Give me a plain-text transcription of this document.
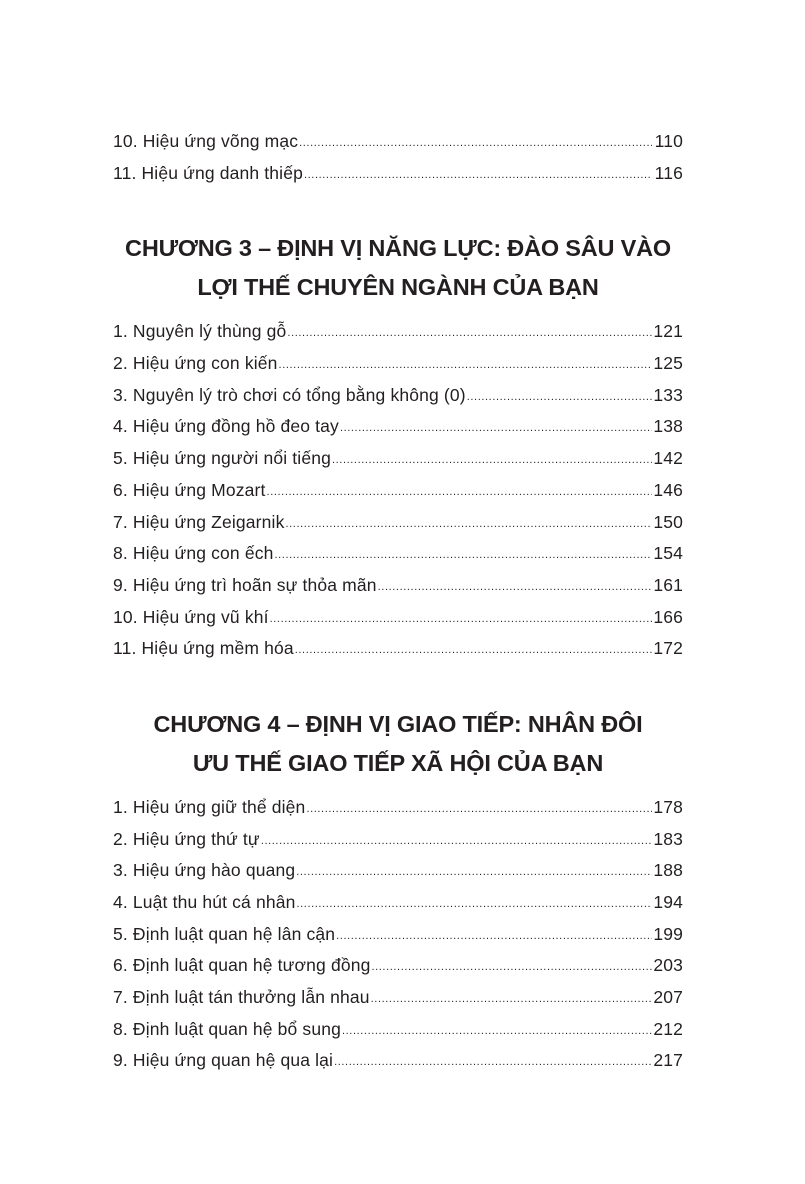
10. Hiệu ứng võng mạc .....	110
11. Hiệu ứng danh thiếp .....	116
CHƯƠNG 3 – ĐỊNH VỊ NĂNG LỰC: ĐÀO SÂU VÀO
LỢI THẾ CHUYÊN NGÀNH CỦA BẠN
1. Nguyên lý thùng gỗ .....	121
2. Hiệu ứng con kiến .....	125
3. Nguyên lý trò chơi có tổng bằng không (0) .....	133
4. Hiệu ứng đồng hồ đeo tay .....	138
5. Hiệu ứng người nổi tiếng .....	142
6. Hiệu ứng Mozart .....	146
7. Hiệu ứng Zeigarnik .....	150
8. Hiệu ứng con ếch .....	154
9. Hiệu ứng trì hoãn sự thỏa mãn .....	161
10. Hiệu ứng vũ khí .....	166
11. Hiệu ứng mềm hóa .....	172
CHƯƠNG 4 – ĐỊNH VỊ GIAO TIẾP: NHÂN ĐÔI
ƯU THẾ GIAO TIẾP XÃ HỘI CỦA BẠN
1. Hiệu ứng giữ thể diện .....	178
2. Hiệu ứng thứ tự .....	183
3. Hiệu ứng hào quang .....	188
4. Luật thu hút cá nhân .....	194
5. Định luật quan hệ lân cận .....	199
6. Định luật quan hệ tương đồng .....	203
7. Định luật tán thưởng lẫn nhau .....	207
8. Định luật quan hệ bổ sung .....	212
9. Hiệu ứng quan hệ qua lại .....	217
